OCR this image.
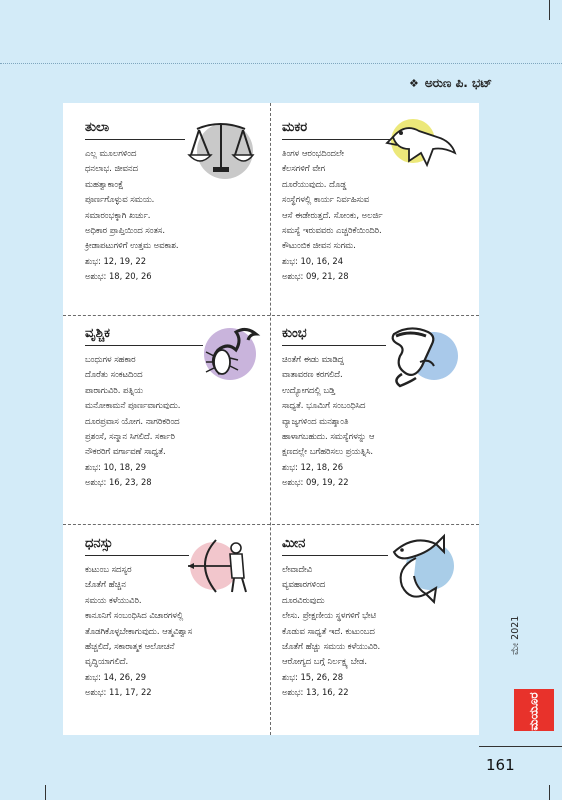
❖ ಅರುಣ ಪಿ. ಭಟ್
ತುಲಾ
ಎಲ್ಲ ಮೂಲಗಳಿಂದ
ಧನಲಾಭ. ಜೀವನದ
ಮಹತ್ವಾಕಾಂಕ್ಷೆ
ಪೂರ್ಣಗೊಳ್ಳುವ ಸಮಯ.
ಸಮಾರಂಭಕ್ಕಾಗಿ ಖರ್ಚು.
ಅಧಿಕಾರ ಪ್ರಾಪ್ತಿಯಿಂದ ಸಂತಸ.
ಕ್ರೀಡಾಪಟುಗಳಿಗೆ ಉತ್ತಮ ಅವಕಾಶ.
ಶುಭ: 12, 19, 22
ಅಶುಭ: 18, 20, 26
ಮಕರ
ತಿಂಗಳ ಆರಂಭದಿಂದಲೇ
ಕೆಲಸಗಳಿಗೆ ವೇಗ
ದೂರೆಯುವುದು. ದೊಡ್ಡ
ಸಂಸ್ಥೆಗಳಲ್ಲಿ ಕಾರ್ಯ ನಿರ್ವಹಿಸುವ
ಆಸೆ ಈಡೇರುತ್ತದೆ. ಸೋಂಕು, ಅಲರ್ಜಿ
ಸಮಸ್ಯೆ ಇರುವವರು ಎಚ್ಚರಿಕೆಯಿಂದಿರಿ.
ಕೌಟುಂಬಿಕ ಜೀವನ ಸುಗಮ.
ಶುಭ: 10, 16, 24
ಅಶುಭ: 09, 21, 28
ವೃಶ್ಚಿಕ
ಬಂಧುಗಳ ಸಹಕಾರ
ದೊರೆತು ಸಂಕಟದಿಂದ
ಪಾರಾಗುವಿರಿ. ಪತ್ನಿಯ
ಮನೋಕಾಮನೆ ಪೂರ್ಣವಾಗುವುದು.
ದೂರಪ್ರವಾಸ ಯೋಗ. ನಾಗರಿಕರಿಂದ
ಪ್ರಶಂಸೆ, ಸನ್ಮಾನ ಸಿಗಲಿದೆ. ಸರ್ಕಾರಿ
ನೌಕರರಿಗೆ ವರ್ಗಾವಣೆ ಸಾಧ್ಯತೆ.
ಶುಭ: 10, 18, 29
ಅಶುಭ: 16, 23, 28
ಕುಂಭ
ಚಿಂತೆಗೆ ಈಡು ಮಾಡಿದ್ದ
ವಾತಾವರಣ ಕರಗಲಿದೆ.
ಉದ್ಯೋಗದಲ್ಲಿ ಬಡ್ತಿ
ಸಾಧ್ಯತೆ. ಭೂಮಿಗೆ ಸಂಬಂಧಿಸಿದ
ವ್ಯಾಜ್ಯಗಳಿಂದ ಮನಶ್ಶಾಂತಿ
ಹಾಳಾಗಬಹುದು. ಸಮಸ್ಯೆಗಳನ್ನು ಆ
ಕ್ಷಣದಲ್ಲೇ ಬಗೆಹರಿಸಲು ಪ್ರಯತ್ನಿಸಿ.
ಶುಭ: 12, 18, 26
ಅಶುಭ: 09, 19, 22
ಧನಸ್ಸು
ಕುಟುಂಬ ಸದಸ್ಯರ
ಜೊತೆಗೆ ಹೆಚ್ಚಿನ
ಸಮಯ ಕಳೆಯುವಿರಿ.
ಕಾನೂನಿಗೆ ಸಂಬಂಧಿಸಿದ ವಿಚಾರಗಳಲ್ಲಿ
ತೊಡಗಿಕೊಳ್ಳಬೇಕಾಗುವುದು. ಆತ್ಮವಿಶ್ವಾಸ
ಹೆಚ್ಚಲಿದೆ, ಸಕಾರಾತ್ಮಕ ಆಲೋಚನೆ
ವೃದ್ಧಿಯಾಗಲಿದೆ.
ಶುಭ: 14, 26, 29
ಅಶುಭ: 11, 17, 22
ಮೀನ
ಲೇವಾದೇವಿ
ವ್ಯವಹಾರಗಳಿಂದ
ದೂರವಿರುವುದು
ಲೇಸು. ಪ್ರೇಕ್ಷಣೀಯ ಸ್ಥಳಗಳಿಗೆ ಭೇಟಿ
ಕೊಡುವ ಸಾಧ್ಯತೆ ಇದೆ. ಕುಟುಂಬದ
ಜೊತೆಗೆ ಹೆಚ್ಚು ಸಮಯ ಕಳೆಯುವಿರಿ.
ಆರೋಗ್ಯದ ಬಗ್ಗೆ ನಿರ್ಲಕ್ಷ್ಯ ಬೇಡ.
ಶುಭ: 15, 26, 28
ಅಶುಭ: 13, 16, 22
ಮೇ 2021
ಮಯೂರ
161
